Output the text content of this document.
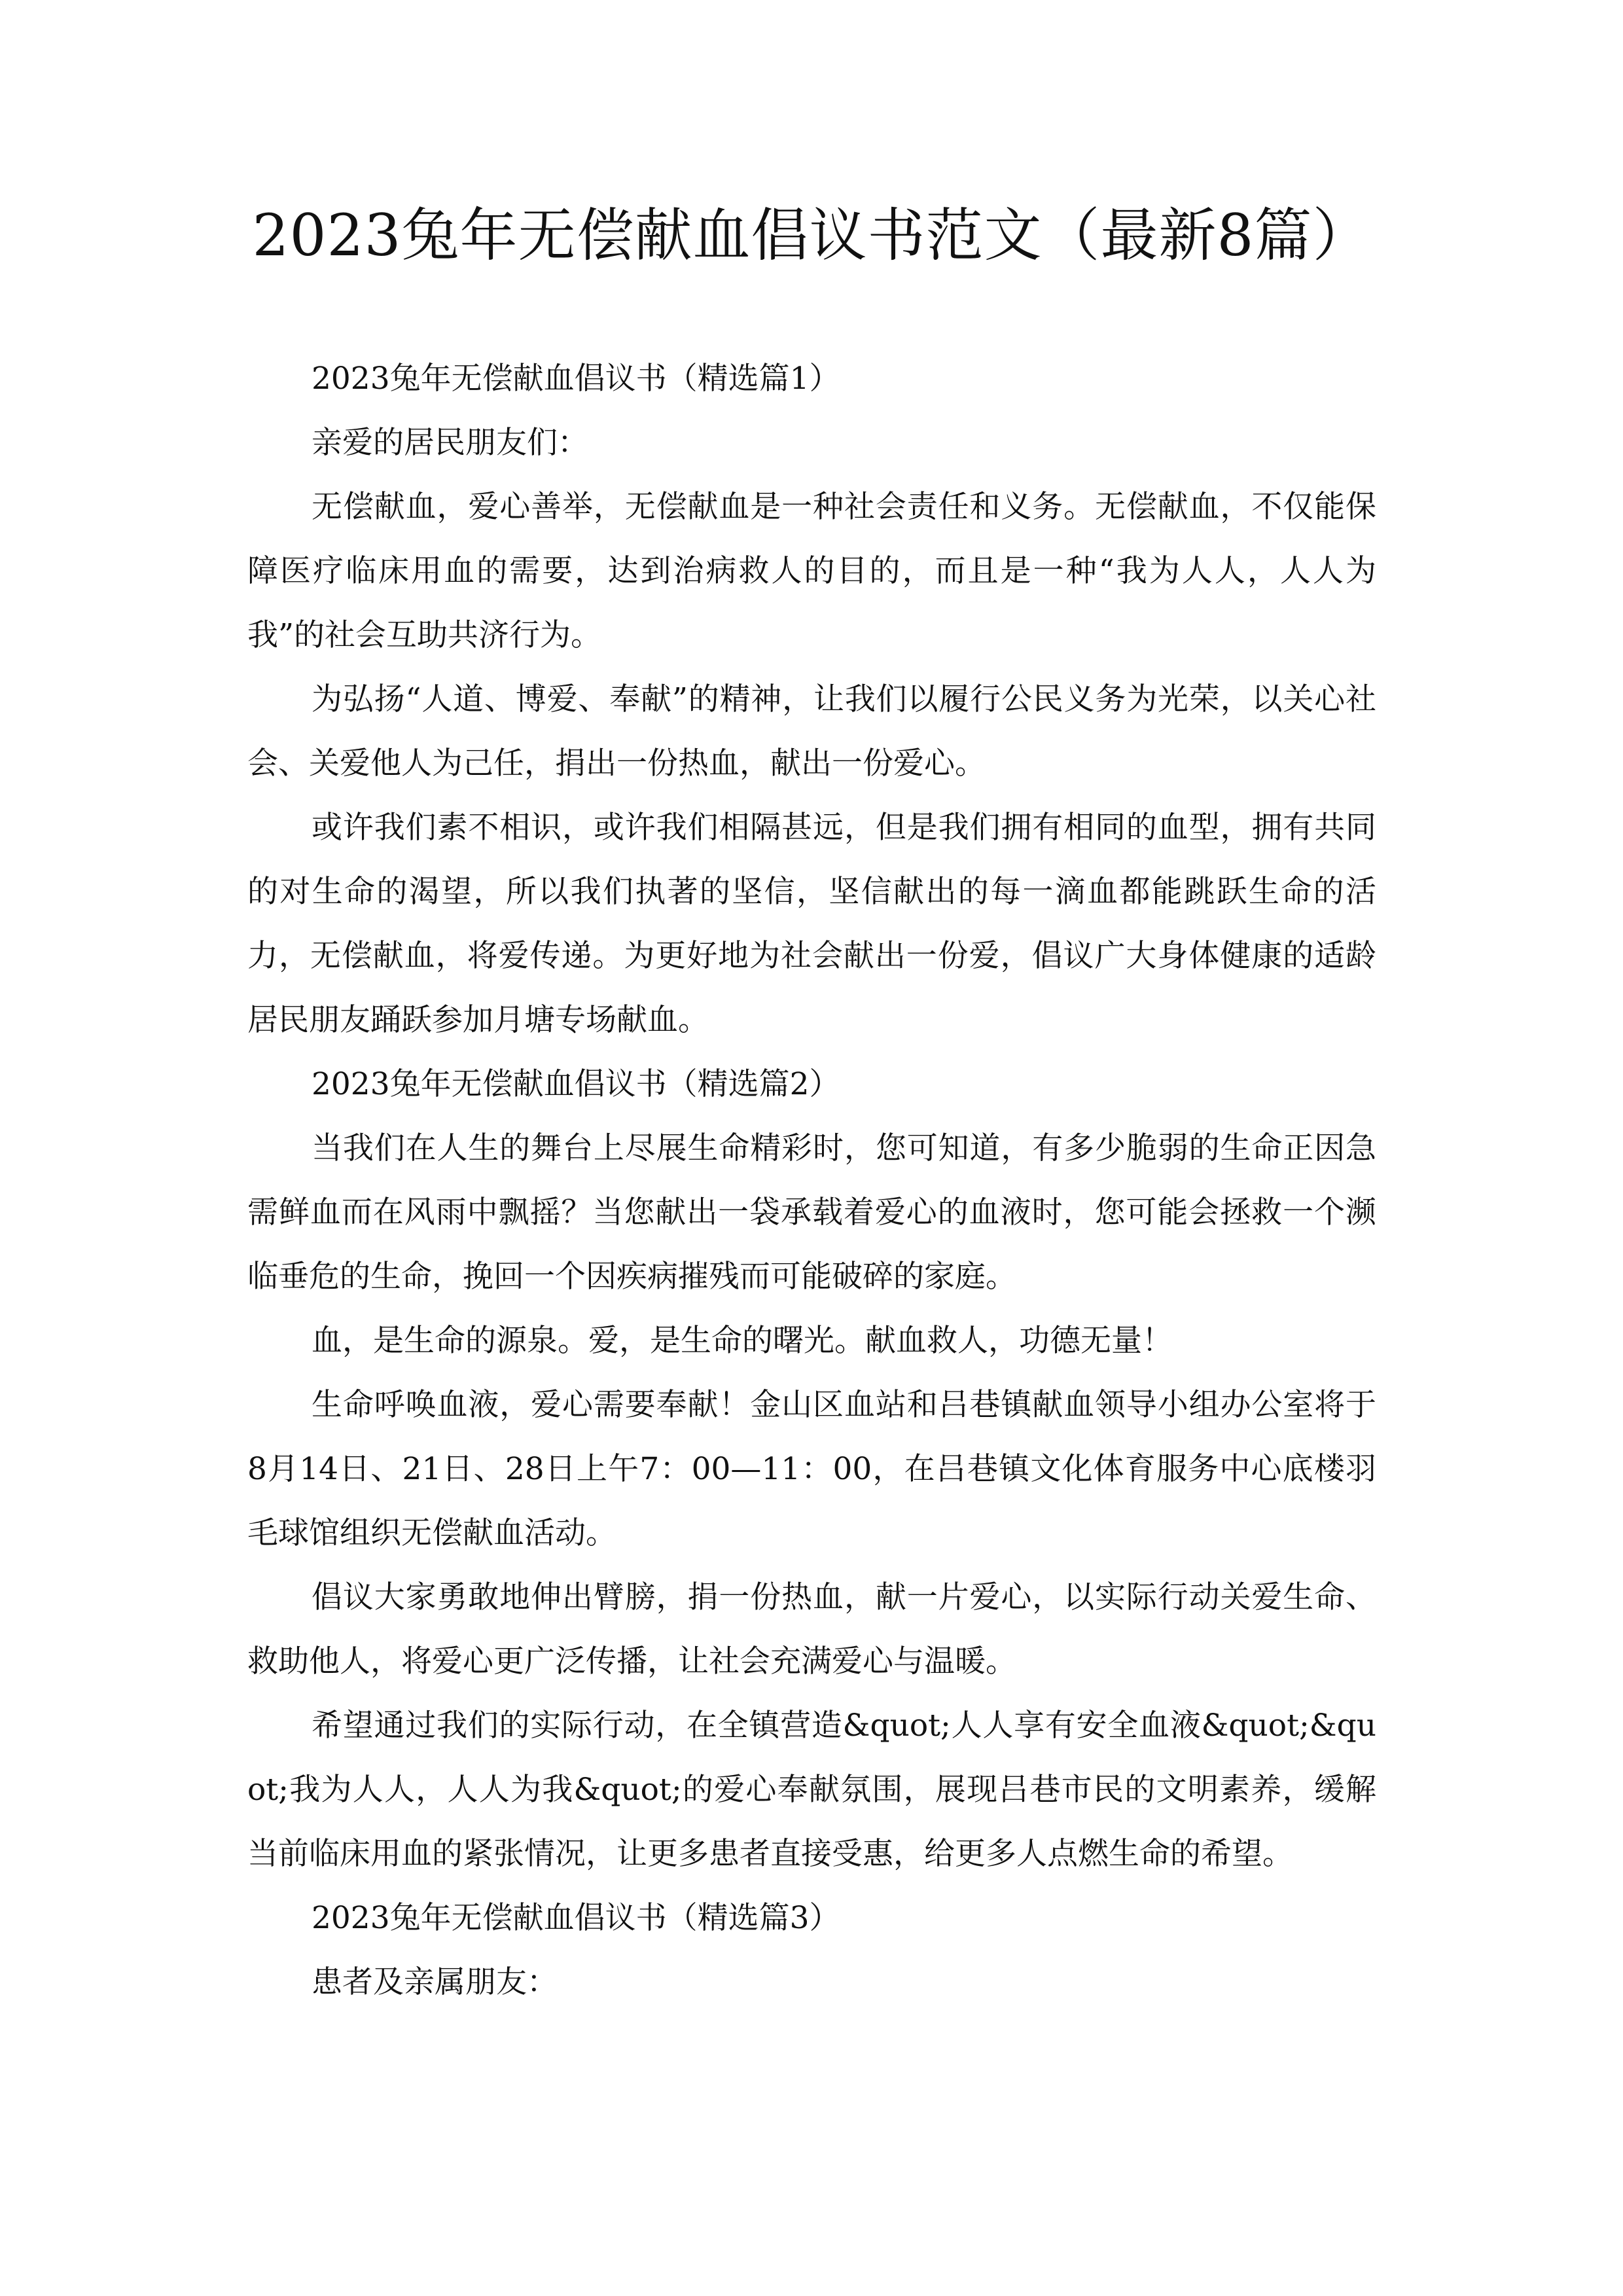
2023兔年无偿献血倡议书范文（最新8篇）

2023兔年无偿献血倡议书（精选篇1）

亲爱的居民朋友们：

无偿献血，爱心善举，无偿献血是一种社会责任和义务。无偿献血，不仅能保障医疗临床用血的需要，达到治病救人的目的，而且是一种“我为人人，人人为我”的社会互助共济行为。

为弘扬“人道、博爱、奉献”的精神，让我们以履行公民义务为光荣，以关心社会、关爱他人为己任，捐出一份热血，献出一份爱心。

或许我们素不相识，或许我们相隔甚远，但是我们拥有相同的血型，拥有共同的对生命的渴望，所以我们执著的坚信，坚信献出的每一滴血都能跳跃生命的活力，无偿献血，将爱传递。为更好地为社会献出一份爱，倡议广大身体健康的适龄居民朋友踊跃参加月塘专场献血。

2023兔年无偿献血倡议书（精选篇2）

当我们在人生的舞台上尽展生命精彩时，您可知道，有多少脆弱的生命正因急需鲜血而在风雨中飘摇？当您献出一袋承载着爱心的血液时，您可能会拯救一个濒临垂危的生命，挽回一个因疾病摧残而可能破碎的家庭。

血，是生命的源泉。爱，是生命的曙光。献血救人，功德无量！

生命呼唤血液，爱心需要奉献！金山区血站和吕巷镇献血领导小组办公室将于8月14日、21日、28日上午7：00—11：00，在吕巷镇文化体育服务中心底楼羽毛球馆组织无偿献血活动。

倡议大家勇敢地伸出臂膀，捐一份热血，献一片爱心，以实际行动关爱生命、救助他人，将爱心更广泛传播，让社会充满爱心与温暖。

希望通过我们的实际行动，在全镇营造&quot;人人享有安全血液&quot;&quot;我为人人，人人为我&quot;的爱心奉献氛围，展现吕巷市民的文明素养，缓解当前临床用血的紧张情况，让更多患者直接受惠，给更多人点燃生命的希望。

2023兔年无偿献血倡议书（精选篇3）

患者及亲属朋友：
